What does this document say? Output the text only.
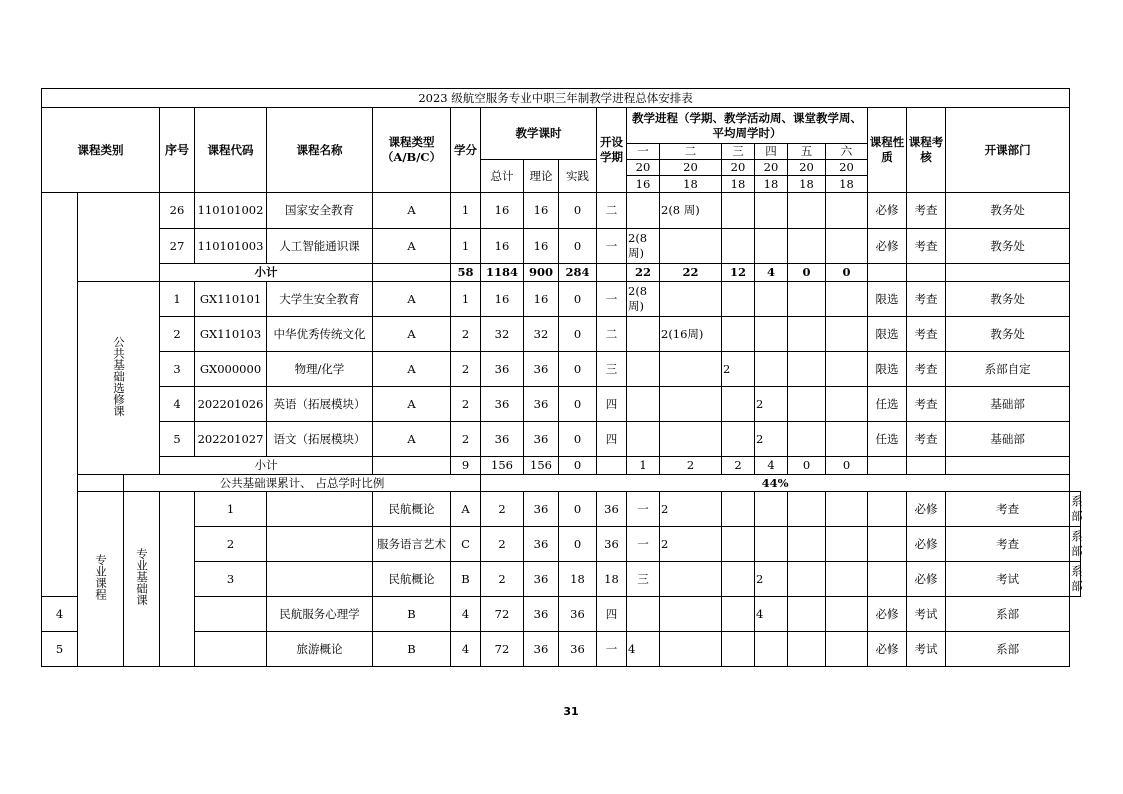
2023 级航空服务专业中职三年制教学进程总体安排表																					
课程类别			序号	课程代码	课程名称	课程类型（A/B/C）	学分	教学课时			开设学期	教学进程（学期、教学活动周、课堂教学周、平均周学时）						课程性质	课程考核	开课部门	
												一	二	三	四	五	六				
								总计	理论	实践		20	20	20	20	20	20				
												16	18	18	18	18	18				
			26	110101002	国家安全教育	A	1	16	16	0	二		2(8 周)					必修	考查	教务处	
			27	110101003	人工智能通识课	A	1	16	16	0	一	2(8周)						必修	考查	教务处	
			小计				58	1184	900	284		22	22	12	4	0	0				
	公共基础选修课		1	GX110101	大学生安全教育	A	1	16	16	0	一	2(8周)						限选	考查	教务处	
			2	GX110103	中华优秀传统文化	A	2	32	32	0	二		2(16周)					限选	考查	教务处	
			3	GX000000	物理/化学	A	2	36	36	0	三			2				限选	考查	系部自定	
			4	202201026	英语（拓展模块）	A	2	36	36	0	四				2			任选	考查	基础部	
			5	202201027	语文（拓展模块）	A	2	36	36	0	四				2			任选	考查	基础部	
			小计				9	156	156	0		1	2	2	4	0	0				
		公共基础课累计、 占总学时比例						44%													
	专业课程	专业基础课		1		民航概论	A	2	36	0	36	一	2						必修	考查	系部
				2		服务语言艺术	C	2	36	0	36	一	2						必修	考查	系部
				3		民航概论	B	2	36	18	18	三			2				必修	考试	系部
4					民航服务心理学	B	4	72	36	36	四				4			必修	考试	系部	
5					旅游概论	B	4	72	36	36	一	4						必修	考试	系部	
31
